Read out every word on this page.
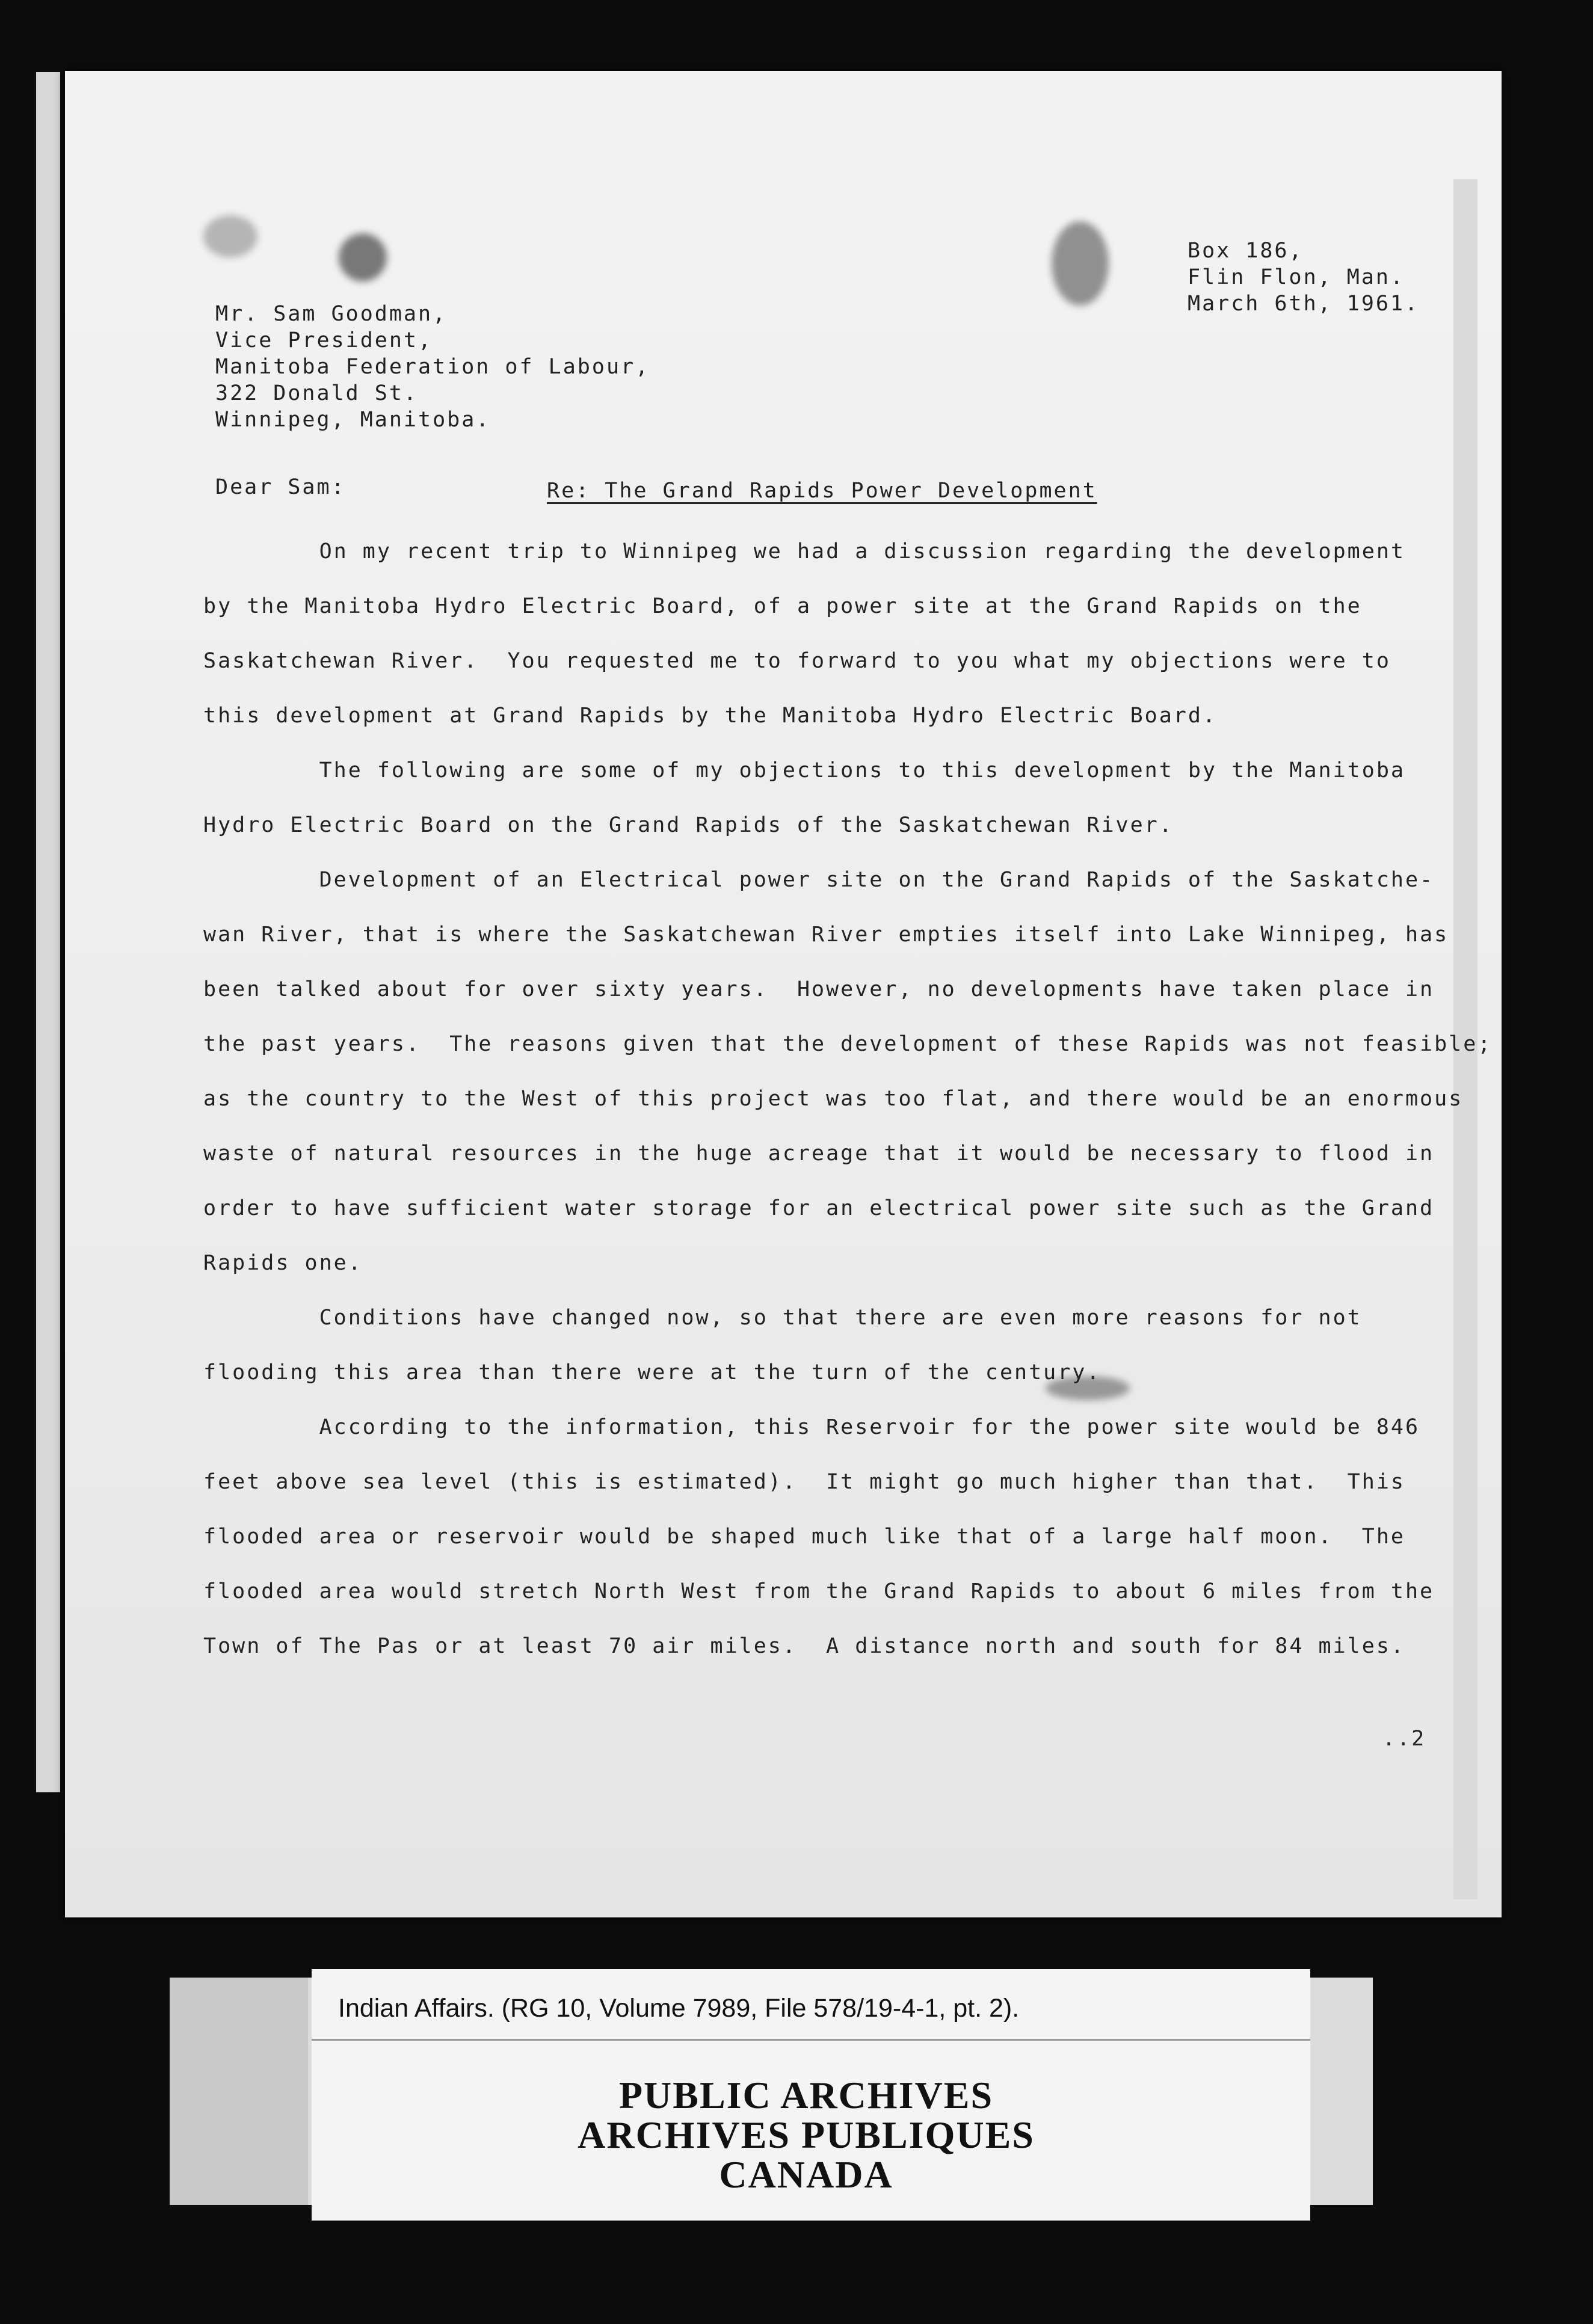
Box 186,
Flin Flon, Man.
March 6th, 1961.
Mr. Sam Goodman,
Vice President,
Manitoba Federation of Labour,
322 Donald St.
Winnipeg, Manitoba.
Dear Sam:	Re: The Grand Rapids Power Development
On my recent trip to Winnipeg we had a discussion regarding the development
by the Manitoba Hydro Electric Board, of a power site at the Grand Rapids on the
Saskatchewan River.  You requested me to forward to you what my objections were to
this development at Grand Rapids by the Manitoba Hydro Electric Board.
The following are some of my objections to this development by the Manitoba
Hydro Electric Board on the Grand Rapids of the Saskatchewan River.
Development of an Electrical power site on the Grand Rapids of the Saskatche-
wan River, that is where the Saskatchewan River empties itself into Lake Winnipeg, has
been talked about for over sixty years.  However, no developments have taken place in
the past years.  The reasons given that the development of these Rapids was not feasible;
as the country to the West of this project was too flat, and there would be an enormous
waste of natural resources in the huge acreage that it would be necessary to flood in
order to have sufficient water storage for an electrical power site such as the Grand
Rapids one.
Conditions have changed now, so that there are even more reasons for not
flooding this area than there were at the turn of the century.
According to the information, this Reservoir for the power site would be 846
feet above sea level (this is estimated).  It might go much higher than that.  This
flooded area or reservoir would be shaped much like that of a large half moon.  The
flooded area would stretch North West from the Grand Rapids to about 6 miles from the
Town of The Pas or at least 70 air miles.  A distance north and south for 84 miles.
..2
Indian Affairs. (RG 10, Volume 7989, File 578/19-4-1, pt. 2).
PUBLIC ARCHIVES
ARCHIVES PUBLIQUES
CANADA
